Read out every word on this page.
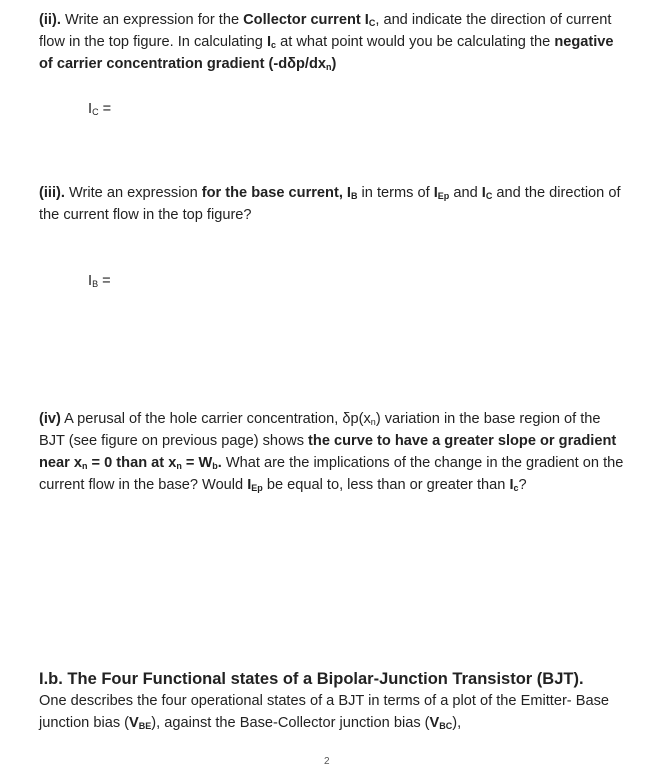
(ii). Write an expression for the Collector current $I_C$, and indicate the direction of current flow in the top figure. In calculating $I_c$ at what point would you be calculating the negative of carrier concentration gradient $(-d\delta p/dx_n)$

$I_C$ =

(iii). Write an expression for the base current, $I_B$ in terms of $I_{Ep}$ and $I_C$ and the direction of the current flow in the top figure?

$I_B$ =

(iv) A perusal of the hole carrier concentration, $\delta p(x_n)$ variation in the base region of the BJT (see figure on previous page) shows the curve to have a greater slope or gradient near $x_n = 0$ than at $x_n = W_b$. What are the implications of the change in the gradient on the current flow in the base? Would $I_{Ep}$ be equal to, less than or greater than $I_c$?

I.b. The Four Functional states of a Bipolar-Junction Transistor (BJT).

One describes the four operational states of a BJT in terms of a plot of the Emitter- Base junction bias $(V_{BE})$, against the Base-Collector junction bias $(V_{BC})$,

2
